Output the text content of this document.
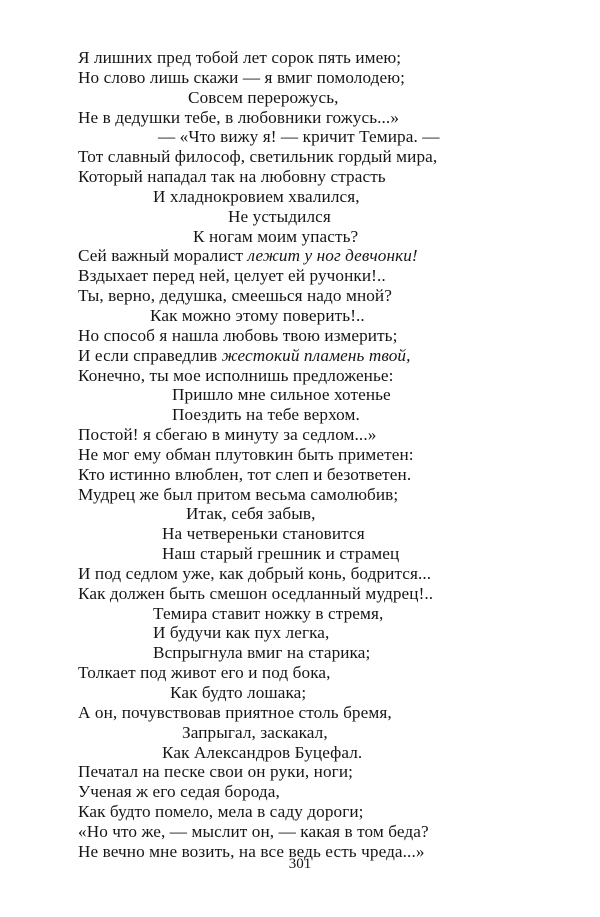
Я лишних пред тобой лет сорок пять имею;
Но слово лишь скажи — я вмиг помолодею;
Совсем перерожусь,
Не в дедушки тебе, в любовники гожусь...»
— «Что вижу я! — кричит Темира. —
Тот славный философ, светильник гордый мира,
Который нападал так на любовну страсть
И хладнокровием хвалился,
Не устыдился
К ногам моим упасть?
Сей важный моралист лежит у ног девчонки!
Вздыхает перед ней, целует ей ручонки!..
Ты, верно, дедушка, смеешься надо мной?
Как можно этому поверить!..
Но способ я нашла любовь твою измерить;
И если справедлив жестокий пламень твой,
Конечно, ты мое исполнишь предложенье:
Пришло мне сильное хотенье
Поездить на тебе верхом.
Постой! я сбегаю в минуту за седлом...»
Не мог ему обман плутовкин быть приметен:
Кто истинно влюблен, тот слеп и безответен.
Мудрец же был притом весьма самолюбив;
Итак, себя забыв,
На четвереньки становится
Наш старый грешник и страмец
И под седлом уже, как добрый конь, бодрится...
Как должен быть смешон оседланный мудрец!..
Темира ставит ножку в стремя,
И будучи как пух легка,
Вспрыгнула вмиг на старика;
Толкает под живот его и под бока,
Как будто лошака;
А он, почувствовав приятное столь бремя,
Запрыгал, заскакал,
Как Александров Буцефал.
Печатал на песке свои он руки, ноги;
Ученая ж его седая борода,
Как будто помело, мела в саду дороги;
«Но что же, — мыслит он, — какая в том беда?
Не вечно мне возить, на все ведь есть чреда...»
301
